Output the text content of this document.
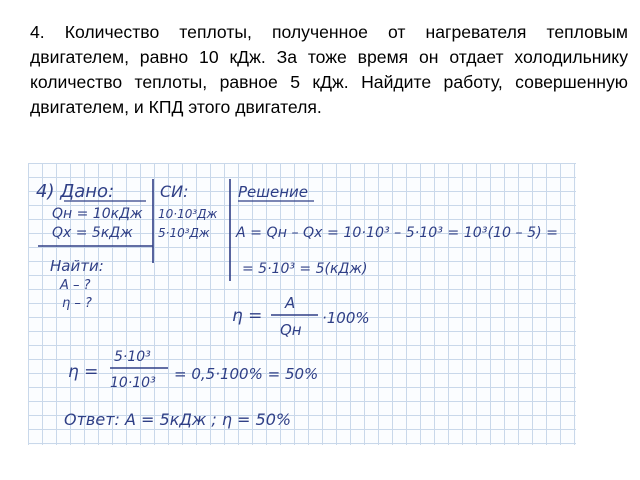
4. Количество теплоты, полученное от нагревателя тепловым двигателем, равно 10 кДж. За тоже время он отдает холодильнику количество теплоты, равное 5 кДж. Найдите работу, совершенную двигателем, и КПД этого двигателя.
4) Дано:
Qн = 10кДж
Qх = 5кДж
СИ:
10·10³Дж
5·10³Дж
Найти:
A – ?
η – ?
Решение
A = Qн – Qх = 10·10³ – 5·10³ = 10³(10 – 5) =
= 5·10³ = 5(кДж)
η =
A
Qн
·100%
η =
5·10³
10·10³ = 0,5·100% = 50%
Ответ: A = 5кДж ; η = 50%
